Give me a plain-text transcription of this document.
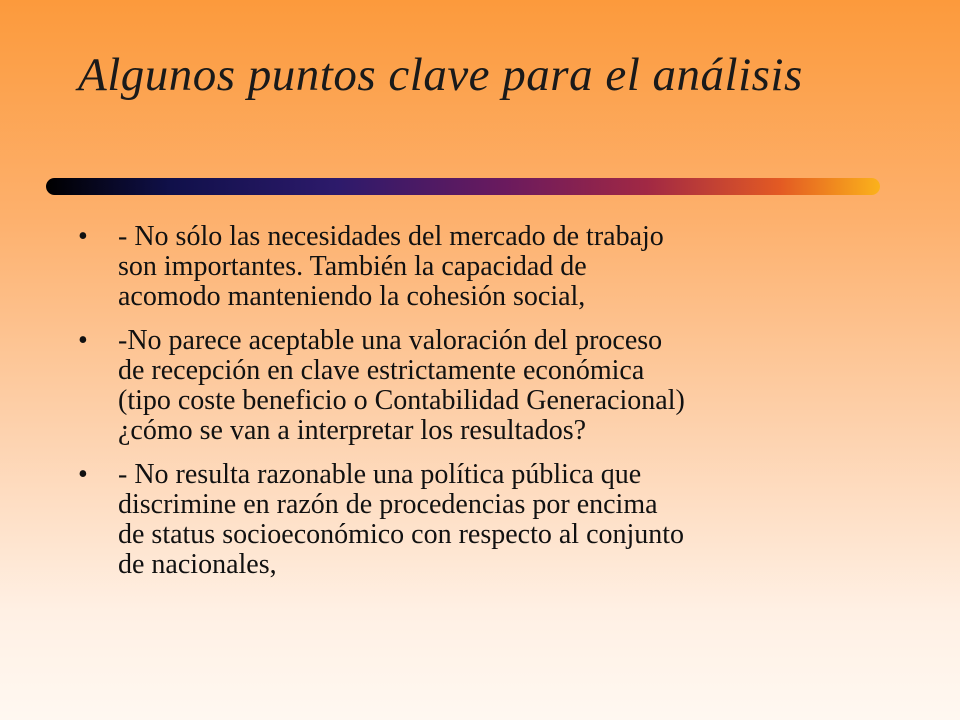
Algunos puntos clave para el análisis
•	- No sólo las necesidades del mercado de trabajo
son importantes. También la capacidad de
acomodo manteniendo la cohesión social,
•	-No parece aceptable una valoración del proceso
de recepción en clave estrictamente económica
(tipo coste beneficio o Contabilidad Generacional)
¿cómo se van a interpretar los resultados?
•	- No resulta razonable una política pública que
discrimine en razón de procedencias por encima
de status socioeconómico con respecto al conjunto
de nacionales,
